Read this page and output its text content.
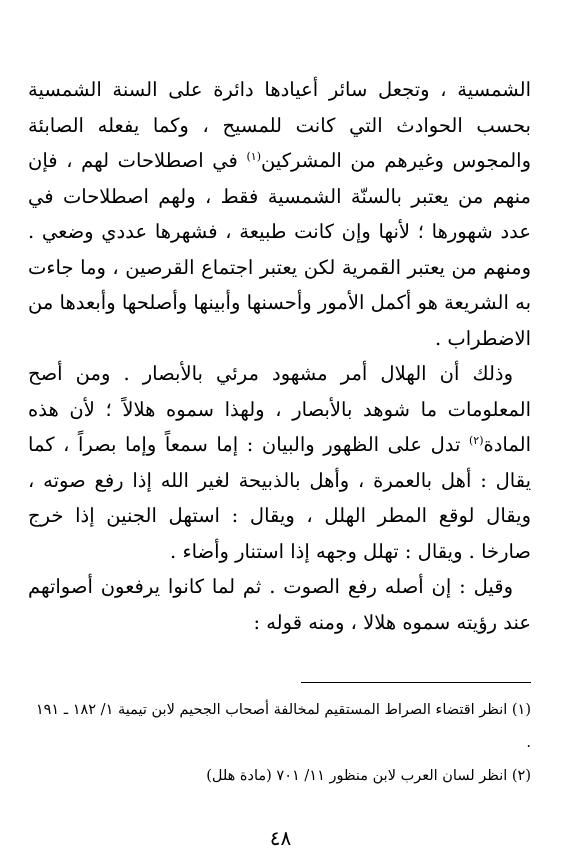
الشمسية ، وتجعل سائر أعيادها دائرة على السنة الشمسية بحسب الحوادث التي كانت للمسيح ، وكما يفعله الصابئة والمجوس وغيرهم من المشركين$^{(١)}$ في اصطلاحات لهم ، فإن منهم من يعتبر بالسنّة الشمسية فقط ، ولهم اصطلاحات في عدد شهورها ؛ لأنها وإن كانت طبيعة ، فشهرها عددي وضعي . ومنهم من يعتبر القمرية لكن يعتبر اجتماع القرصين ، وما جاءت به الشريعة هو أكمل الأمور وأحسنها وأبينها وأصلحها وأبعدها من الاضطراب .

وذلك أن الهلال أمر مشهود مرئي بالأبصار . ومن أصح المعلومات ما شوهد بالأبصار ، ولهذا سموه هلالاً ؛ لأن هذه المادة$^{(٢)}$ تدل على الظهور والبيان : إما سمعاً وإما بصراً ، كما يقال : أهل بالعمرة ، وأهل بالذبيحة لغير الله إذا رفع صوته ، ويقال لوقع المطر الهلل ، ويقال : استهل الجنين إذا خرج صارخا . ويقال : تهلل وجهه إذا استنار وأضاء .

وقيل : إن أصله رفع الصوت . ثم لما كانوا يرفعون أصواتهم عند رؤيته سموه هلالا ، ومنه قوله :

(١) انظر اقتضاء الصراط المستقيم لمخالفة أصحاب الجحيم لابن تيمية ١/ ١٨٢ ـ ١٩١ .

(٢) انظر لسان العرب لابن منظور ١١/ ٧٠١ (مادة هلل)

٤٨
